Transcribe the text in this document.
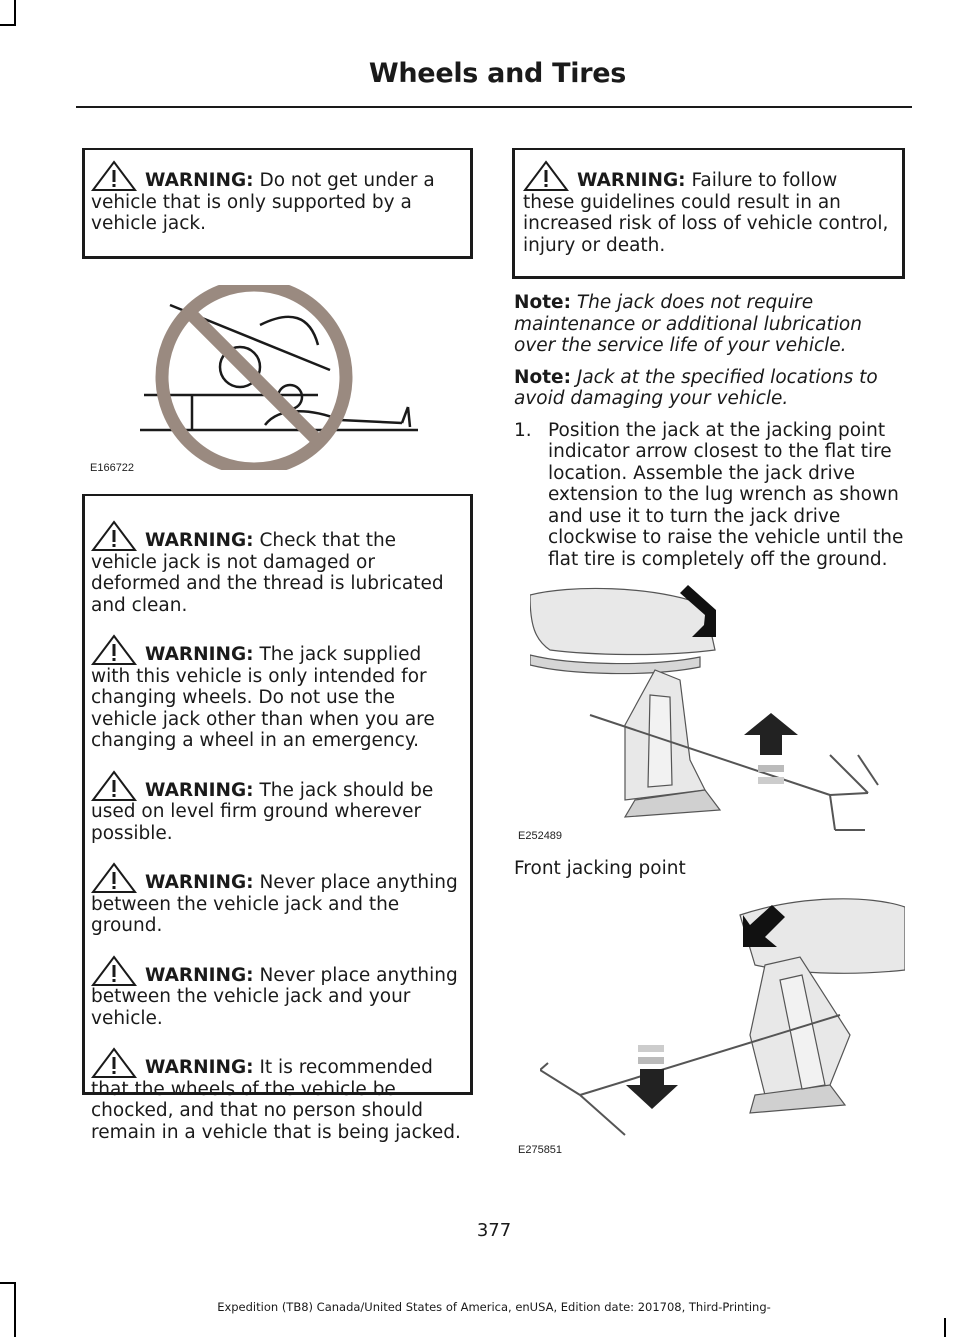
Wheels and Tires
WARNING: Do not get under a vehicle that is only supported by a vehicle jack.
E166722
WARNING: Check that the vehicle jack is not damaged or deformed and the thread is lubricated and clean.
WARNING: The jack supplied with this vehicle is only intended for changing wheels. Do not use the vehicle jack other than when you are changing a wheel in an emergency.
WARNING: The jack should be used on level firm ground wherever possible.
WARNING: Never place anything between the vehicle jack and the ground.
WARNING: Never place anything between the vehicle jack and your vehicle.
WARNING: It is recommended that the wheels of the vehicle be chocked, and that no person should remain in a vehicle that is being jacked.
WARNING: Failure to follow these guidelines could result in an increased risk of loss of vehicle control, injury or death.

Note: The jack does not require maintenance or additional lubrication over the service life of your vehicle.

Note: Jack at the specified locations to avoid damaging your vehicle.

1. Position the jack at the jacking point indicator arrow closest to the flat tire location. Assemble the jack drive extension to the lug wrench as shown and use it to turn the jack drive clockwise to raise the vehicle until the flat tire is completely off the ground.
E252489
Front jacking point
E275851
377
Expedition (TB8) Canada/United States of America, enUSA, Edition date: 201708, Third-Printing-
